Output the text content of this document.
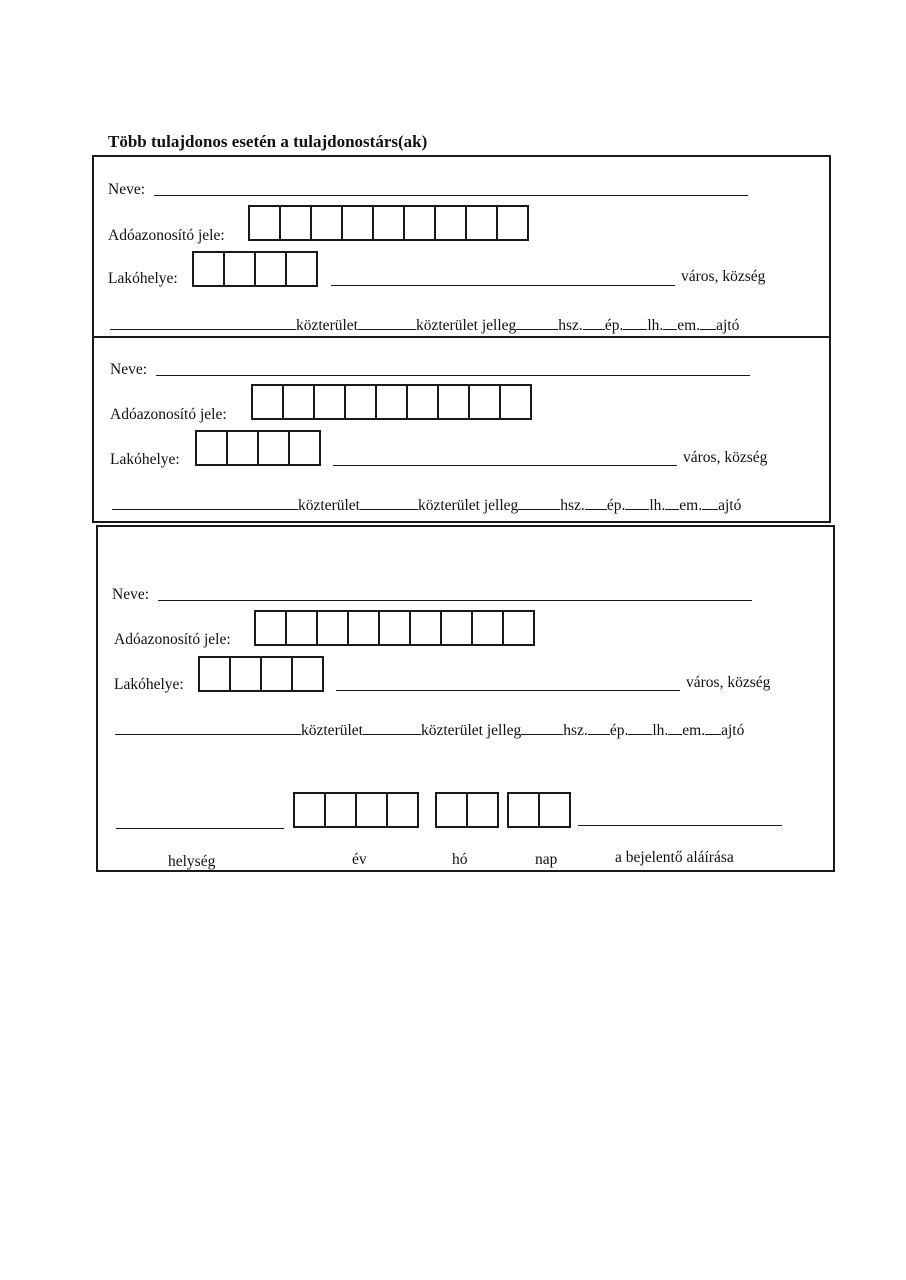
Több tulajdonos esetén a tulajdonostárs(ak)
Neve:
Adóazonosító jele:
Lakóhelye:	város, község
közterület	közterület jelleg	hsz. ép. lh. em. ajtó
Neve:
Adóazonosító jele:
Lakóhelye:	város, község
közterület	közterület jelleg	hsz. ép. lh. em. ajtó
Neve:
Adóazonosító jele:
Lakóhelye:	város, község
közterület	közterület jelleg	hsz. ép. lh. em. ajtó
helység	év	hó	nap	a bejelentő aláírása
